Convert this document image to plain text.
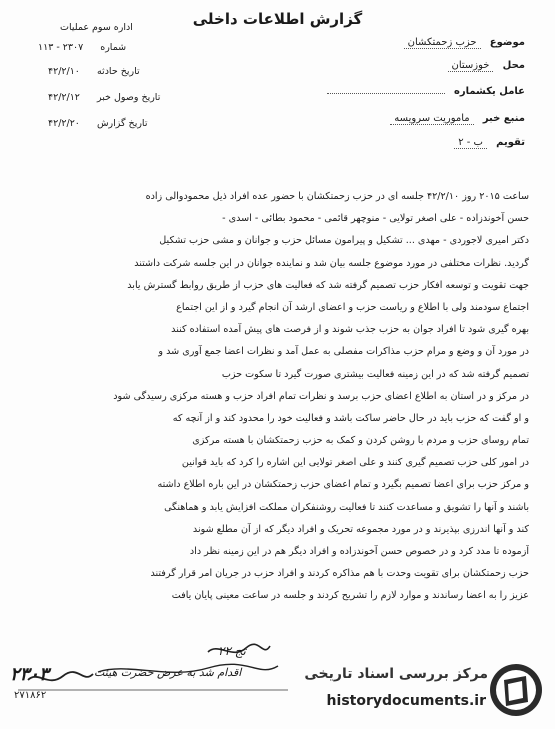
گزارش اطلاعات داخلی
موضوع حزب زحمتکشان
محل خوزستان
عامل یکشماره
منبع خبر ماموریت سرویسه
تقویم ب - ۲
اداره سوم عملیات
شماره ۲۳۰۷ - ۱۱۳
تاریخ حادثه ۴۲/۲/۱۰
تاریخ وصول خبر ۴۲/۲/۱۲
تاریخ گزارش ۴۲/۲/۲۰
ساعت ۲۰۱۵ روز ۴۲/۲/۱۰ جلسه ای در حزب زحمتکشان با حضور عده افراد ذیل محمودوالی زاده
حسن آخوندزاده - علی اصغر تولایی - منوچهر قائمی - محمود بطائی - اسدی -
دکتر امیری لاجوردی - مهدی ... تشکیل و پیرامون مسائل حزب و جوانان و مشی حزب تشکیل
گردید. نظرات مختلفی در مورد موضوع جلسه بیان شد و نماینده جوانان در این جلسه شرکت داشتند
جهت تقویت و توسعه افکار حزب تصمیم گرفته شد که فعالیت های حزب از طریق روابط گسترش یابد
اجتماع سودمند ولی با اطلاع و ریاست حزب و اعضای ارشد آن انجام گیرد و از این اجتماع
بهره گیری شود تا افراد جوان به حزب جذب شوند و از فرصت های پیش آمده استفاده کنند
در مورد آن و وضع و مرام حزب مذاکرات مفصلی به عمل آمد و نظرات اعضا جمع آوری شد و
تصمیم گرفته شد که در این زمینه فعالیت بیشتری صورت گیرد تا سکوت حزب
در مرکز و در استان به اطلاع اعضای حزب برسد و نظرات تمام افراد حزب و هسته مرکزی رسیدگی شود
و او گفت که حزب باید در حال حاضر ساکت باشد و فعالیت خود را محدود کند و از آنچه که
تمام روسای حزب و مردم با روشن کردن و کمک به حزب زحمتکشان با هسته مرکزی
در امور کلی حزب تصمیم گیری کنند و علی اصغر تولایی این اشاره را کرد که باید قوانین
و مرکز حزب برای اعضا تصمیم بگیرد و تمام اعضای حزب زحمتکشان در این باره اطلاع داشته
باشند و آنها را تشویق و مساعدت کنند تا فعالیت روشنفکران مملکت افزایش یابد و هماهنگی
کند و آنها اندرزی بپذیرند و در مورد مجموعه تحریک و افراد دیگر که از آن مطلع شوند
آزموده تا مدد کرد و در خصوص حسن آخوندزاده و افراد دیگر هم در این زمینه نظر داد
حزب زحمتکشان برای تقویت وحدت با هم مذاکره کردند و افراد حزب در جریان امر قرار گرفتند
عزیز را به اعضا رساندند و موارد لازم را تشریح کردند و جلسه در ساعت معینی پایان یافت
تج ۲۲
۲۳۰۳	اقدام شد به عرض حضرت هیئت
۲۷۱۸۶۲
مرکز بررسی اسناد تاریخی
historydocuments.ir
